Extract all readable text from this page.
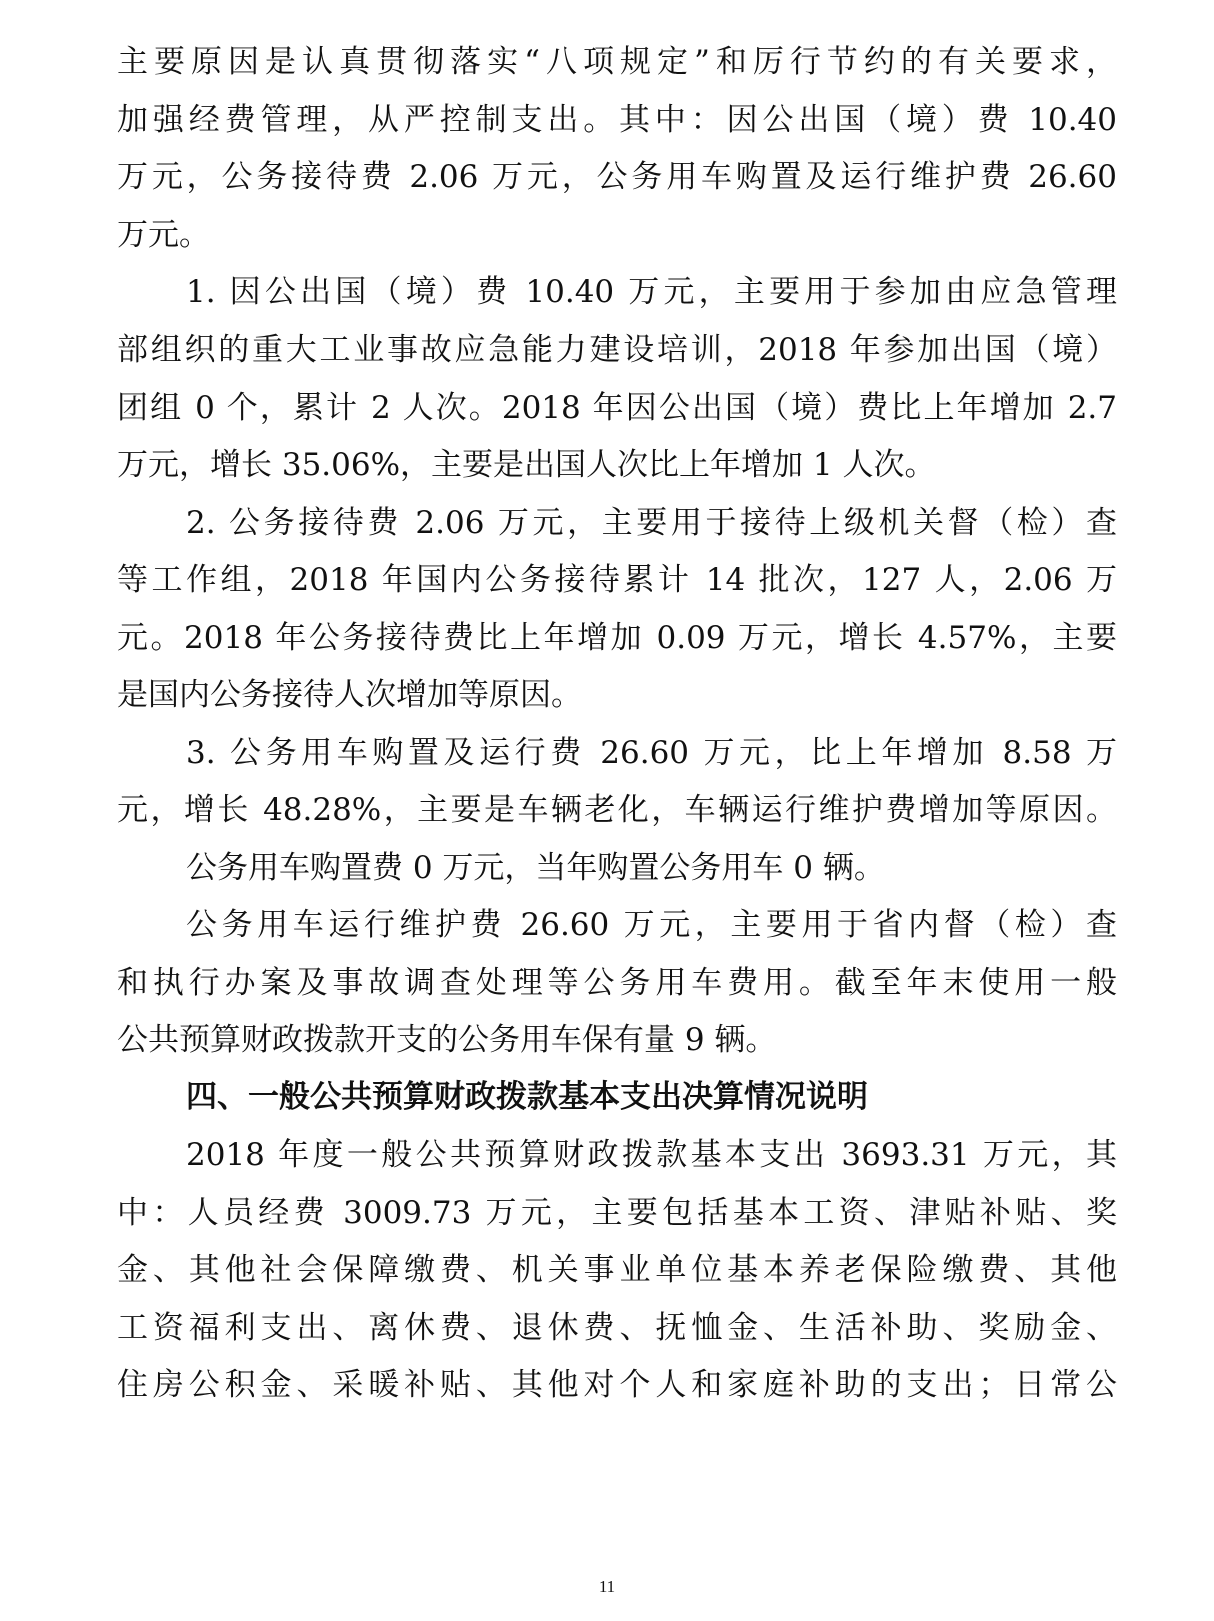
主要原因是认真贯彻落实“八项规定”和厉行节约的有关要求，
加强经费管理，从严控制支出。其中：因公出国（境）费 10.40
万元，公务接待费 2.06 万元，公务用车购置及运行维护费 26.60
万元。
1. 因公出国（境）费 10.40 万元，主要用于参加由应急管理
部组织的重大工业事故应急能力建设培训，2018 年参加出国（境）
团组 0 个，累计 2 人次。2018 年因公出国（境）费比上年增加 2.7
万元，增长 35.06%，主要是出国人次比上年增加 1 人次。
2. 公务接待费 2.06 万元，主要用于接待上级机关督（检）查
等工作组，2018 年国内公务接待累计 14 批次，127 人，2.06 万
元。2018 年公务接待费比上年增加 0.09 万元，增长 4.57%，主要
是国内公务接待人次增加等原因。
3. 公务用车购置及运行费 26.60 万元，比上年增加 8.58 万
元，增长 48.28%，主要是车辆老化，车辆运行维护费增加等原因。
公务用车购置费 0 万元，当年购置公务用车 0 辆。
公务用车运行维护费 26.60 万元，主要用于省内督（检）查
和执行办案及事故调查处理等公务用车费用。截至年末使用一般
公共预算财政拨款开支的公务用车保有量 9 辆。
四、一般公共预算财政拨款基本支出决算情况说明
2018 年度一般公共预算财政拨款基本支出 3693.31 万元，其
中：人员经费 3009.73 万元，主要包括基本工资、津贴补贴、奖
金、其他社会保障缴费、机关事业单位基本养老保险缴费、其他
工资福利支出、离休费、退休费、抚恤金、生活补助、奖励金、
住房公积金、采暖补贴、其他对个人和家庭补助的支出；日常公
11
